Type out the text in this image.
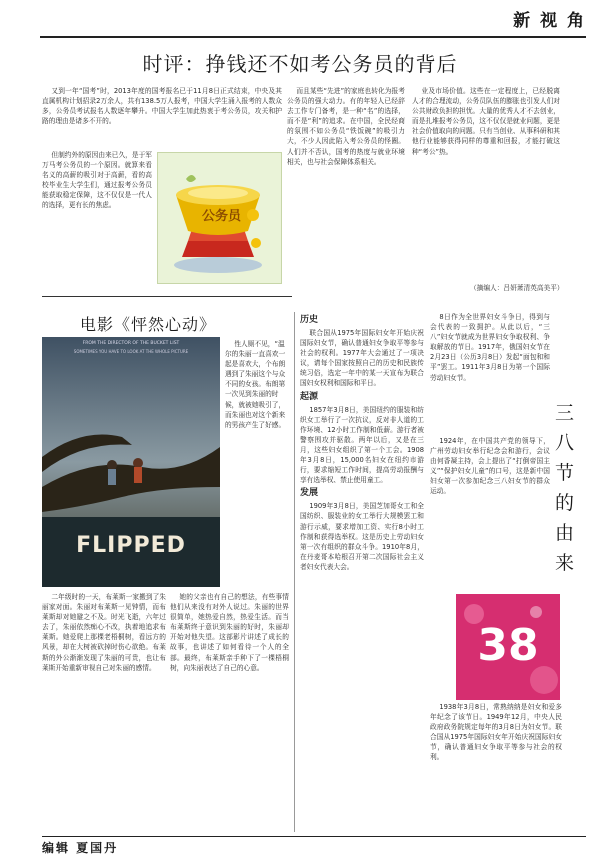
新 视 角
时评：挣钱还不如考公务员的背后

又到一年“国考”时，2013年度的国考报名已于11月8日正式结束，中央及其直属机构计划招录2万余人，共有138.5万人报考，中国大学生涌入报考的人数众多，公务员考试报名人数逐年攀升。中国大学生加此热衷于考公务员，攻关和护路的理由是诸多不开的。

但制约外的原因由来已久，是于军万马考公务员的一个原因。就算来看名义的高薪的吸引对于高薪，看的高校毕业生大学生们，通过报考公务员能获取稳定保障，这不仅仅是一代人的选择，更有长的焦虑。

公务员

而且某些“先进”的家庭也转化为报考公务员的强大动力。有的年轻人已经辞去工作专门备考，是一种“名”的选择，而不是“利”的追求。在中国，全民经商的氛围不如公务员“铁饭碗”的吸引力大，不少人因此陷入考公务员的怪圈。人们并不否认，国考的热度与就业环境相关，也与社会保障体系相关。

业及市场价值。这些在一定程度上，已经脱离人才的合理流动，公务员队伍的膨胀也引发人们对公共财政负担的担忧。大量的优秀人才不去创业，而是扎堆报考公务员，这不仅仅是就业问题，更是社会价值取向的问题。只有当创业、从事科研和其他行业能够获得同样的尊重和回报，才能打破这种“考公”热。

（摘编人：吕妍萧清英高美平）
电影《怦然心动》
FROM THE DIRECTOR OF THE BUCKET LIST
SOMETIMES YOU HAVE TO LOOK AT THE WHOLE PICTURE
FLIPPED

性人厕不见，“温尔的朱丽一直喜欢一起是喜欢大，个布朗遇到了朱丽这个与众不同的女孩。布朗第一次见到朱丽的时候，就被她吸引了，而朱丽也对这个新来的男孩产生了好感。

二年级时的一天，布莱斯一家搬到了朱丽家对面。朱丽对布莱斯一见钟情，而布莱斯却对她避之不及。时光飞逝，六年过去了，朱丽依然痴心不改，执着地追求布莱斯。她爱爬上那棵老梧桐树，看远方的风景，却在大树被砍掉时伤心欲绝。布莱斯的外公渐渐发现了朱丽的可贵，也让布莱斯开始重新审视自己对朱丽的感情。

她的父亲也有自己的想法，有些事情他们从来没有对外人说过。朱丽的世界很简单，她热爱自然，热爱生活。而当布莱斯终于意识到朱丽的好时，朱丽却开始对他失望。这部影片讲述了成长的故事，也讲述了如何看待一个人的全部。最终，布莱斯亲手种下了一棵梧桐树，向朱丽表达了自己的心意。

历史

联合国从1975年国际妇女年开始庆祝国际妇女节，确认普通妇女争取平等参与社会的权利。1977年大会通过了一项决议，请每个国家按照自己的历史和民族传统习俗，选定一年中的某一天宣布为联合国妇女权利和国际和平日。

起源

1857年3月8日，美国纽约的服装和纺织女工举行了一次抗议，反对非人道的工作环境、12小时工作制和低薪。游行者被警察围攻并驱散。两年以后，又是在三月，这些妇女组织了第一个工会。1908年3月8日，15,000名妇女在纽约市游行，要求缩短工作时间，提高劳动报酬与享有选举权、禁止使用童工。

发展

1909年3月8日，美国芝加哥女工和全国纺织、服装业的女工举行大规模罢工和游行示威，要求增加工资、实行8小时工作制和获得选举权。这是历史上劳动妇女第一次有组织的群众斗争。1910年8月，在丹麦哥本哈根召开第二次国际社会主义者妇女代表大会。

8日作为全世界妇女斗争日，得到与会代表的一致拥护。从此以后，“三八”妇女节就成为世界妇女争取权利、争取解放的节日。1917年，俄国妇女节在2月23日（公历3月8日）发起“面包和和平”罢工。1911年3月8日为第一个国际劳动妇女节。

1924年，在中国共产党的领导下，广州劳动妇女举行纪念会和游行，会议由何香凝主持，会上提出了“打倒帝国主义”“保护妇女儿童”的口号，这是新中国妇女第一次参加纪念三八妇女节的群众运动。

三
八
节
的
由
来
38

1938年3月8日，常熟纳纳是妇女和爱多年纪念了该节日。1949年12月，中央人民政府政务院规定每年的3月8日为妇女节。联合国从1975年国际妇女年开始庆祝国际妇女节，确认普通妇女争取平等参与社会的权利。

编辑 夏国丹
